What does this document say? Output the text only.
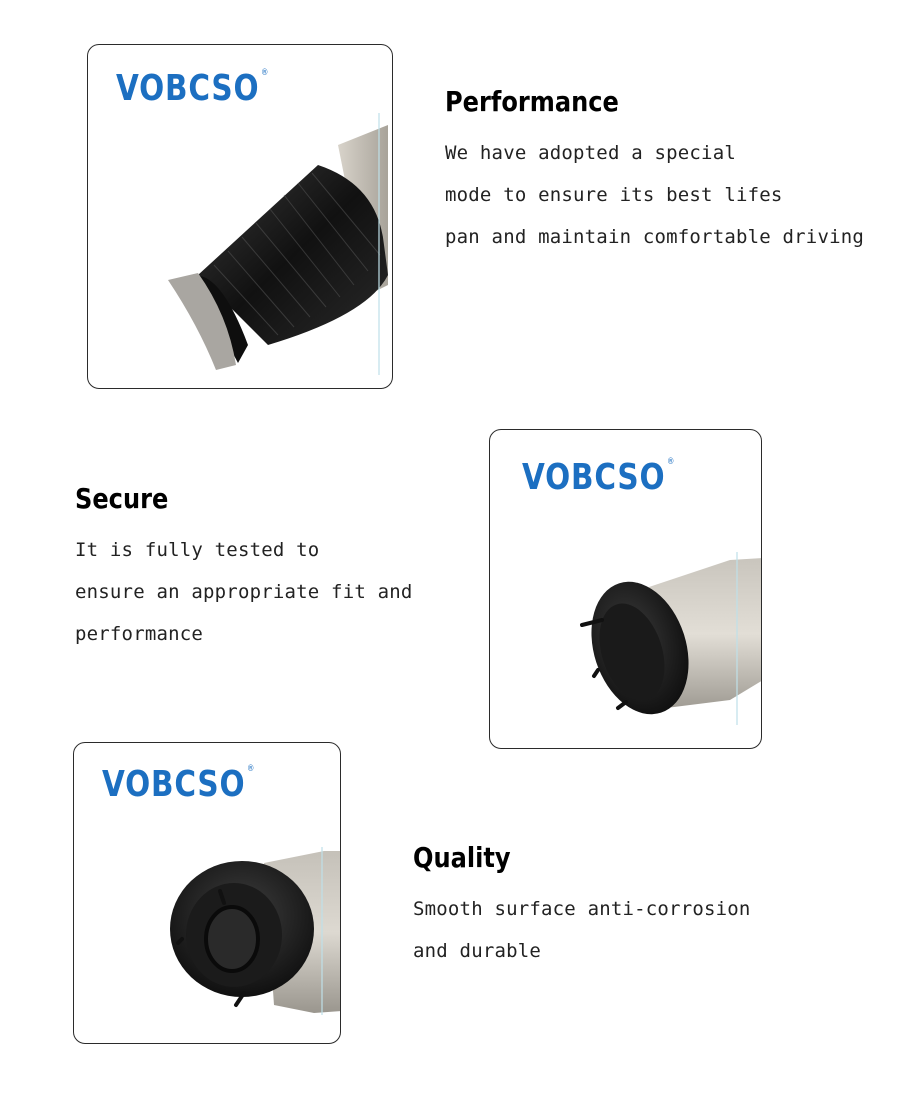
VOBCSO ®
Performance
We have adopted a special
mode to ensure its best lifes
pan and maintain comfortable driving
Secure
It is fully tested to
ensure an appropriate fit and
performance
VOBCSO ®
VOBCSO ®
Quality
Smooth surface anti-corrosion
and durable
